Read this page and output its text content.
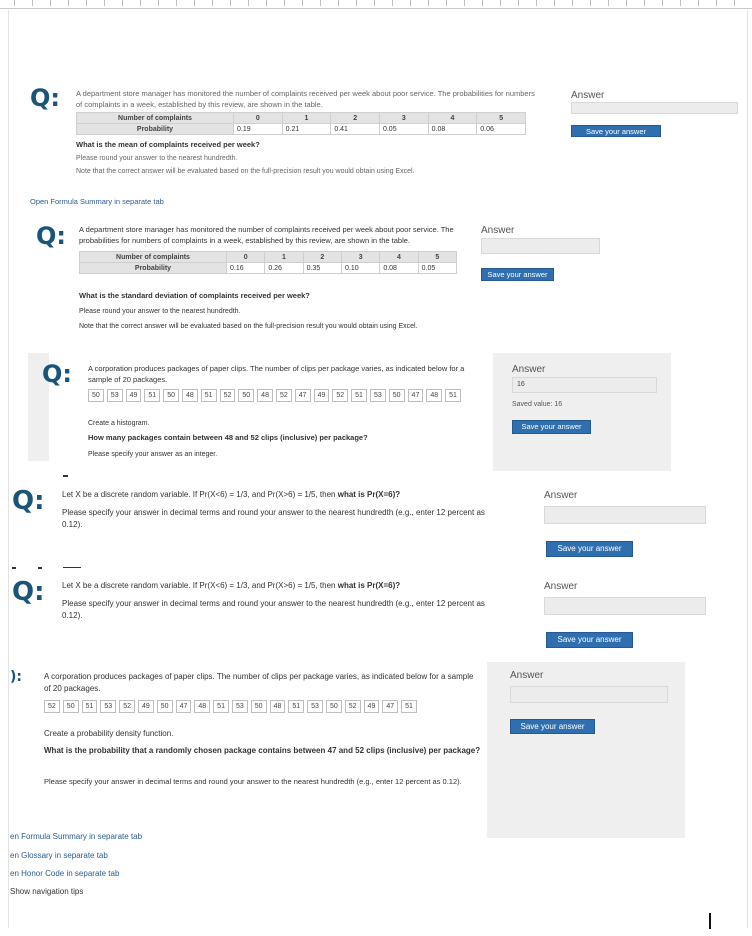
Q: A department store manager has monitored the number of complaints received per week about poor service. The probabilities for numbers of complaints in a week, established by this review, are shown in the table.
Number of complaints	0	1	2	3	4	5
Probability	0.19	0.21	0.41	0.05	0.08	0.06
What is the mean of complaints received per week?
Please round your answer to the nearest hundredth.
Note that the correct answer will be evaluated based on the full-precision result you would obtain using Excel.
Answer
Save your answer
Open Formula Summary in separate tab
Q: A department store manager has monitored the number of complaints received per week about poor service. The probabilities for numbers of complaints in a week, established by this review, are shown in the table.
Number of complaints	0	1	2	3	4	5
Probability	0.16	0.26	0.35	0.10	0.08	0.05
What is the standard deviation of complaints received per week?
Please round your answer to the nearest hundredth.
Note that the correct answer will be evaluated based on the full-precision result you would obtain using Excel.
Answer
Save your answer
Q: A corporation produces packages of paper clips. The number of clips per package varies, as indicated below for a sample of 20 packages.
50	53	49	51	50	48	51	52	50	48	52	47	49	52	51	53	50	47	48	51
Create a histogram.
How many packages contain between 48 and 52 clips (inclusive) per package?
Please specify your answer as an integer.
Answer
16
Saved value: 16
Save your answer
Q: Let X be a discrete random variable. If Pr(X<6) = 1/3, and Pr(X>6) = 1/5, then what is Pr(X=6)?
Please specify your answer in decimal terms and round your answer to the nearest hundredth (e.g., enter 12 percent as 0.12).
Answer
Save your answer
Q: Let X be a discrete random variable. If Pr(X<6) = 1/3, and Pr(X>6) = 1/5, then what is Pr(X=6)?
Please specify your answer in decimal terms and round your answer to the nearest hundredth (e.g., enter 12 percent as 0.12).
Answer
Save your answer
):	A corporation produces packages of paper clips. The number of clips per package varies, as indicated below for a sample of 20 packages.
52	50	51	53	52	49	50	47	48	51	53	50	48	51	53	50	52	49	47	51
Create a probability density function.
What is the probability that a randomly chosen package contains between 47 and 52 clips (inclusive) per package?
Please specify your answer in decimal terms and round your answer to the nearest hundredth (e.g., enter 12 percent as 0.12).
Answer
Save your answer
en Formula Summary in separate tab
en Glossary in separate tab
en Honor Code in separate tab
Show navigation tips
